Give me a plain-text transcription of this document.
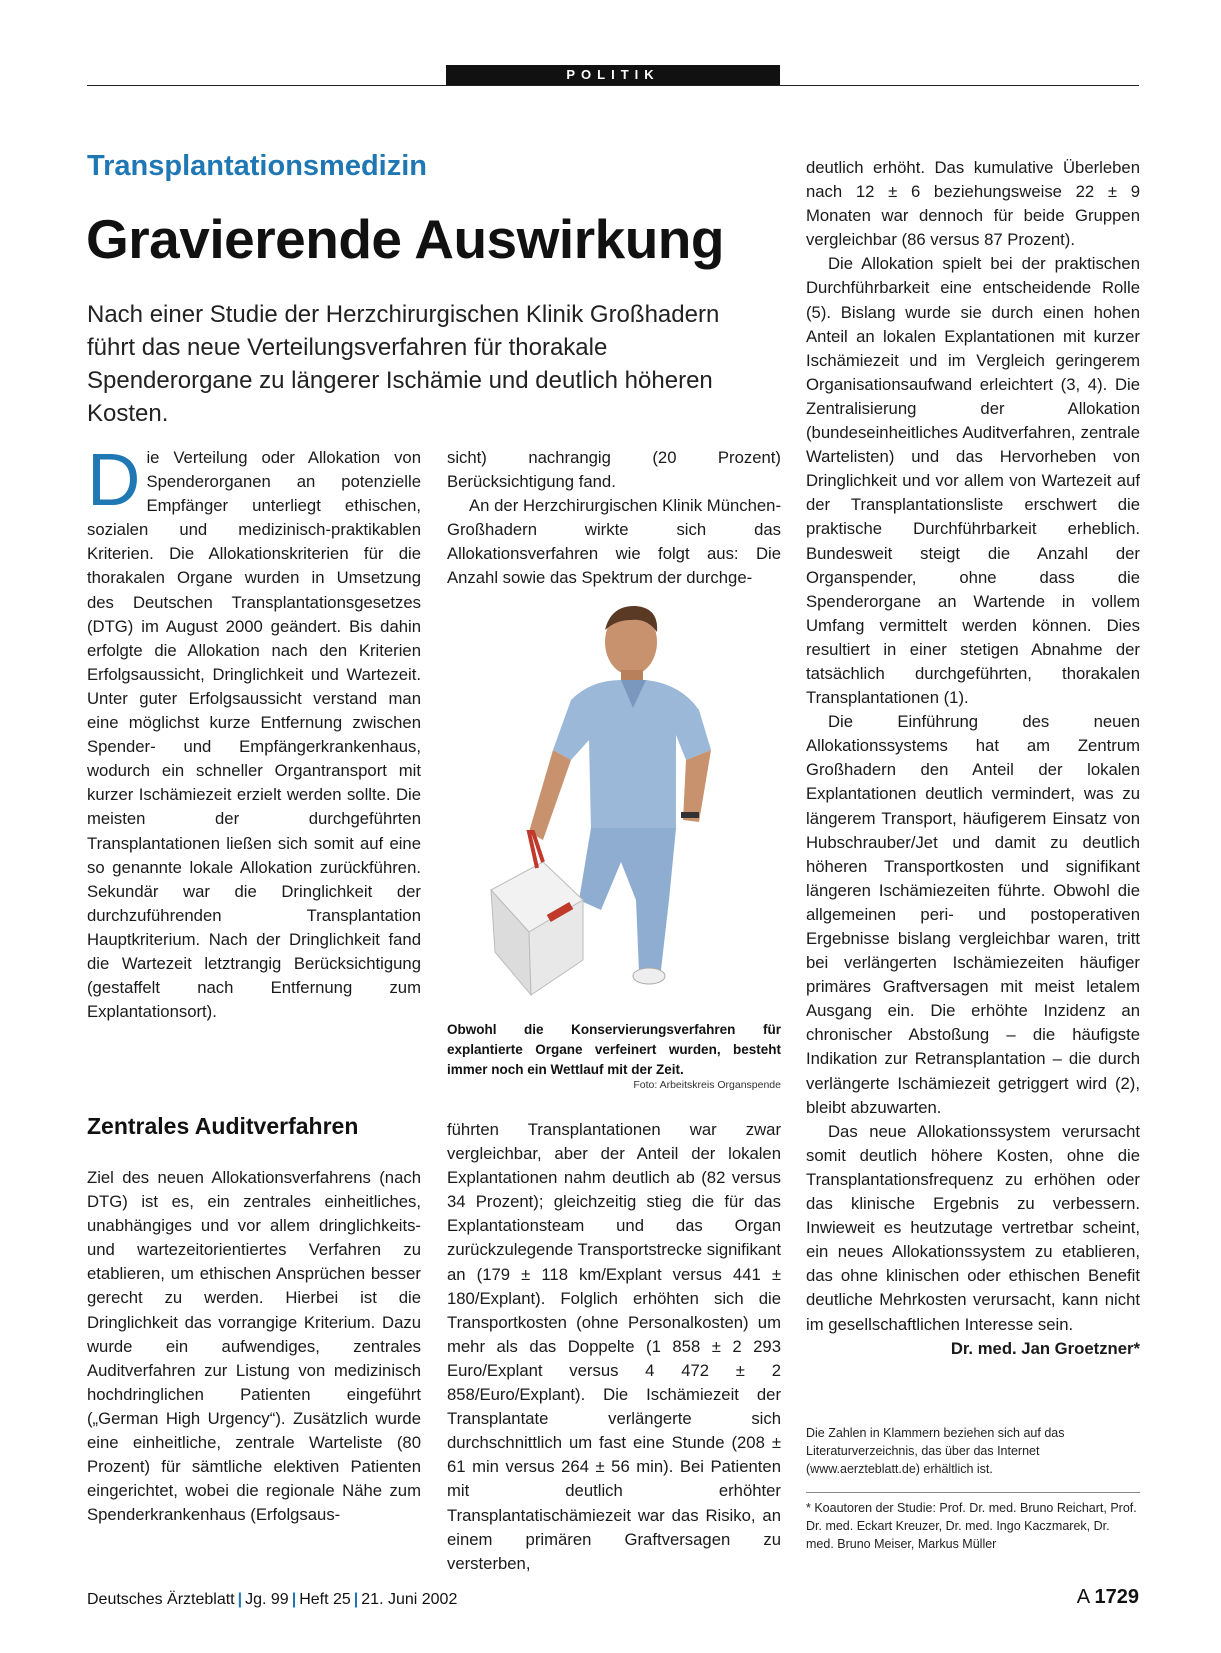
POLITIK
Transplantationsmedizin
Gravierende Auswirkung
Nach einer Studie der Herzchirurgischen Klinik Großhadern führt das neue Verteilungsverfahren für thorakale Spenderorgane zu längerer Ischämie und deutlich höheren Kosten.

Die Verteilung oder Allokation von Spenderorganen an potenzielle Empfänger unterliegt ethischen, sozialen und medizinisch-praktikablen Kriterien. Die Allokationskriterien für die thorakalen Organe wurden in Umsetzung des Deutschen Transplantationsgesetzes (DTG) im August 2000 geändert. Bis dahin erfolgte die Allokation nach den Kriterien Erfolgsaussicht, Dringlichkeit und Wartezeit. Unter guter Erfolgsaussicht verstand man eine möglichst kurze Entfernung zwischen Spender- und Empfängerkrankenhaus, wodurch ein schneller Organtransport mit kurzer Ischämiezeit erzielt werden sollte. Die meisten der durchgeführten Transplantationen ließen sich somit auf eine so genannte lokale Allokation zurückführen. Sekundär war die Dringlichkeit der durchzuführenden Transplantation Hauptkriterium. Nach der Dringlichkeit fand die Wartezeit letztrangig Berücksichtigung (gestaffelt nach Entfernung zum Explantationsort).

Zentrales Auditverfahren

Ziel des neuen Allokationsverfahrens (nach DTG) ist es, ein zentrales einheitliches, unabhängiges und vor allem dringlichkeits- und wartezeitorientiertes Verfahren zu etablieren, um ethischen Ansprüchen besser gerecht zu werden. Hierbei ist die Dringlichkeit das vorrangige Kriterium. Dazu wurde ein aufwendiges, zentrales Auditverfahren zur Listung von medizinisch hochdringlichen Patienten eingeführt („German High Urgency“). Zusätzlich wurde eine einheitliche, zentrale Warteliste (80 Prozent) für sämtliche elektiven Patienten eingerichtet, wobei die regionale Nähe zum Spenderkrankenhaus (Erfolgsaus-

sicht) nachrangig (20 Prozent) Berücksichtigung fand.

An der Herzchirurgischen Klinik München-Großhadern wirkte sich das Allokationsverfahren wie folgt aus: Die Anzahl sowie das Spektrum der durchge-

Obwohl die Konservierungsverfahren für explantierte Organe verfeinert wurden, besteht immer noch ein Wettlauf mit der Zeit.
Foto: Arbeitskreis Organspende

führten Transplantationen war zwar vergleichbar, aber der Anteil der lokalen Explantationen nahm deutlich ab (82 versus 34 Prozent); gleichzeitig stieg die für das Explantationsteam und das Organ zurückzulegende Transportstrecke signifikant an (179 ± 118 km/Explant versus 441 ± 180/Explant). Folglich erhöhten sich die Transportkosten (ohne Personalkosten) um mehr als das Doppelte (1 858 ± 2 293 Euro/Explant versus 4 472 ± 2 858/Euro/Explant). Die Ischämiezeit der Transplantate verlängerte sich durchschnittlich um fast eine Stunde (208 ± 61 min versus 264 ± 56 min). Bei Patienten mit deutlich erhöhter Transplantatischämiezeit war das Risiko, an einem primären Graftversagen zu versterben,

deutlich erhöht. Das kumulative Überleben nach 12 ± 6 beziehungsweise 22 ± 9 Monaten war dennoch für beide Gruppen vergleichbar (86 versus 87 Prozent).

Die Allokation spielt bei der praktischen Durchführbarkeit eine entscheidende Rolle (5). Bislang wurde sie durch einen hohen Anteil an lokalen Explantationen mit kurzer Ischämiezeit und im Vergleich geringerem Organisationsaufwand erleichtert (3, 4). Die Zentralisierung der Allokation (bundeseinheitliches Auditverfahren, zentrale Wartelisten) und das Hervorheben von Dringlichkeit und vor allem von Wartezeit auf der Transplantationsliste erschwert die praktische Durchführbarkeit erheblich. Bundesweit steigt die Anzahl der Organspender, ohne dass die Spenderorgane an Wartende in vollem Umfang vermittelt werden können. Dies resultiert in einer stetigen Abnahme der tatsächlich durchgeführten, thorakalen Transplantationen (1).

Die Einführung des neuen Allokationssystems hat am Zentrum Großhadern den Anteil der lokalen Explantationen deutlich vermindert, was zu längerem Transport, häufigerem Einsatz von Hubschrauber/Jet und damit zu deutlich höheren Transportkosten und signifikant längeren Ischämiezeiten führte. Obwohl die allgemeinen peri- und postoperativen Ergebnisse bislang vergleichbar waren, tritt bei verlängerten Ischämiezeiten häufiger primäres Graftversagen mit meist letalem Ausgang ein. Die erhöhte Inzidenz an chronischer Abstoßung – die häufigste Indikation zur Retransplantation – die durch verlängerte Ischämiezeit getriggert wird (2), bleibt abzuwarten.

Das neue Allokationssystem verursacht somit deutlich höhere Kosten, ohne die Transplantationsfrequenz zu erhöhen oder das klinische Ergebnis zu verbessern. Inwieweit es heutzutage vertretbar scheint, ein neues Allokationssystem zu etablieren, das ohne klinischen oder ethischen Benefit deutliche Mehrkosten verursacht, kann nicht im gesellschaftlichen Interesse sein.
Dr. med. Jan Groetzner*

Die Zahlen in Klammern beziehen sich auf das Literaturverzeichnis, das über das Internet (www.aerzteblatt.de) erhältlich ist.
* Koautoren der Studie: Prof. Dr. med. Bruno Reichart, Prof. Dr. med. Eckart Kreuzer, Dr. med. Ingo Kaczmarek, Dr. med. Bruno Meiser, Markus Müller
Deutsches Ärzteblatt | Jg. 99 | Heft 25 | 21. Juni 2002	A 1729
